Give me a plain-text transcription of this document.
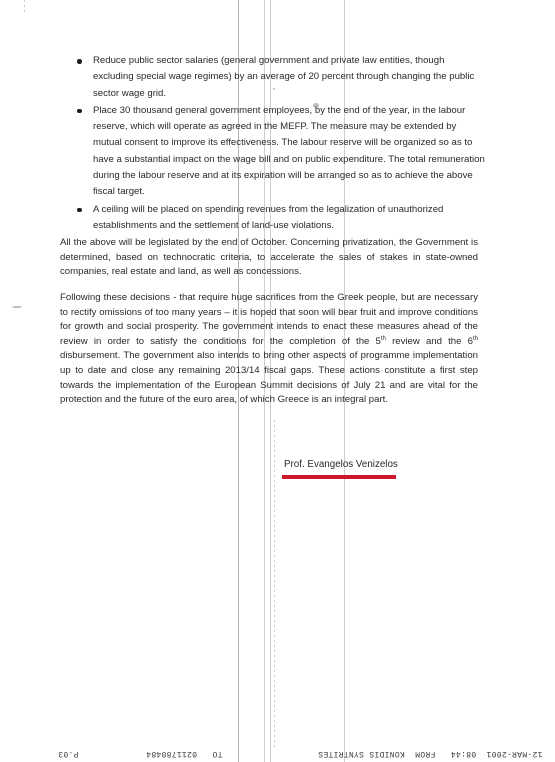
Reduce public sector salaries (general government and private law entities, though excluding special wage regimes) by an average of 20 percent through changing the public sector wage grid.
Place 30 thousand general government employees, by the end of the year, in the labour reserve, which will operate as agreed in the MEFP. The measure may be extended by mutual consent to improve its effectiveness. The labour reserve will be organized so as to have a substantial impact on the wage bill and on public expenditure. The total remuneration during the labour reserve and at its expiration will be arranged so as to achieve the above fiscal target.
A ceiling will be placed on spending revenues from the legalization of unauthorized establishments and the settlement of land-use violations.

All the above will be legislated by the end of October. Concerning privatization, the Government is determined, based on technocratic criteria, to accelerate the sales of stakes in state-owned companies, real estate and land, as well as concessions.

Following these decisions - that require huge sacrifices from the Greek people, but are necessary to rectify omissions of too many years – it is hoped that soon will bear fruit and improve conditions for growth and social prosperity. The government intends to enact these measures ahead of the review in order to satisfy the conditions for the completion of the 5th review and the 6th disbursement. The government also intends to bring other aspects of programme implementation up to date and close any remaining 2013/14 fiscal gaps. These actions constitute a first step towards the implementation of the European Summit decisions of July 21 and are vital for the protection and the future of the euro area, of which Greece is an integral part.

Prof. Evangelos Venizelos

12-MAR-2001  08:44   FROM  KONIDIS SYNTRITES
TO   0211780484
P.03
